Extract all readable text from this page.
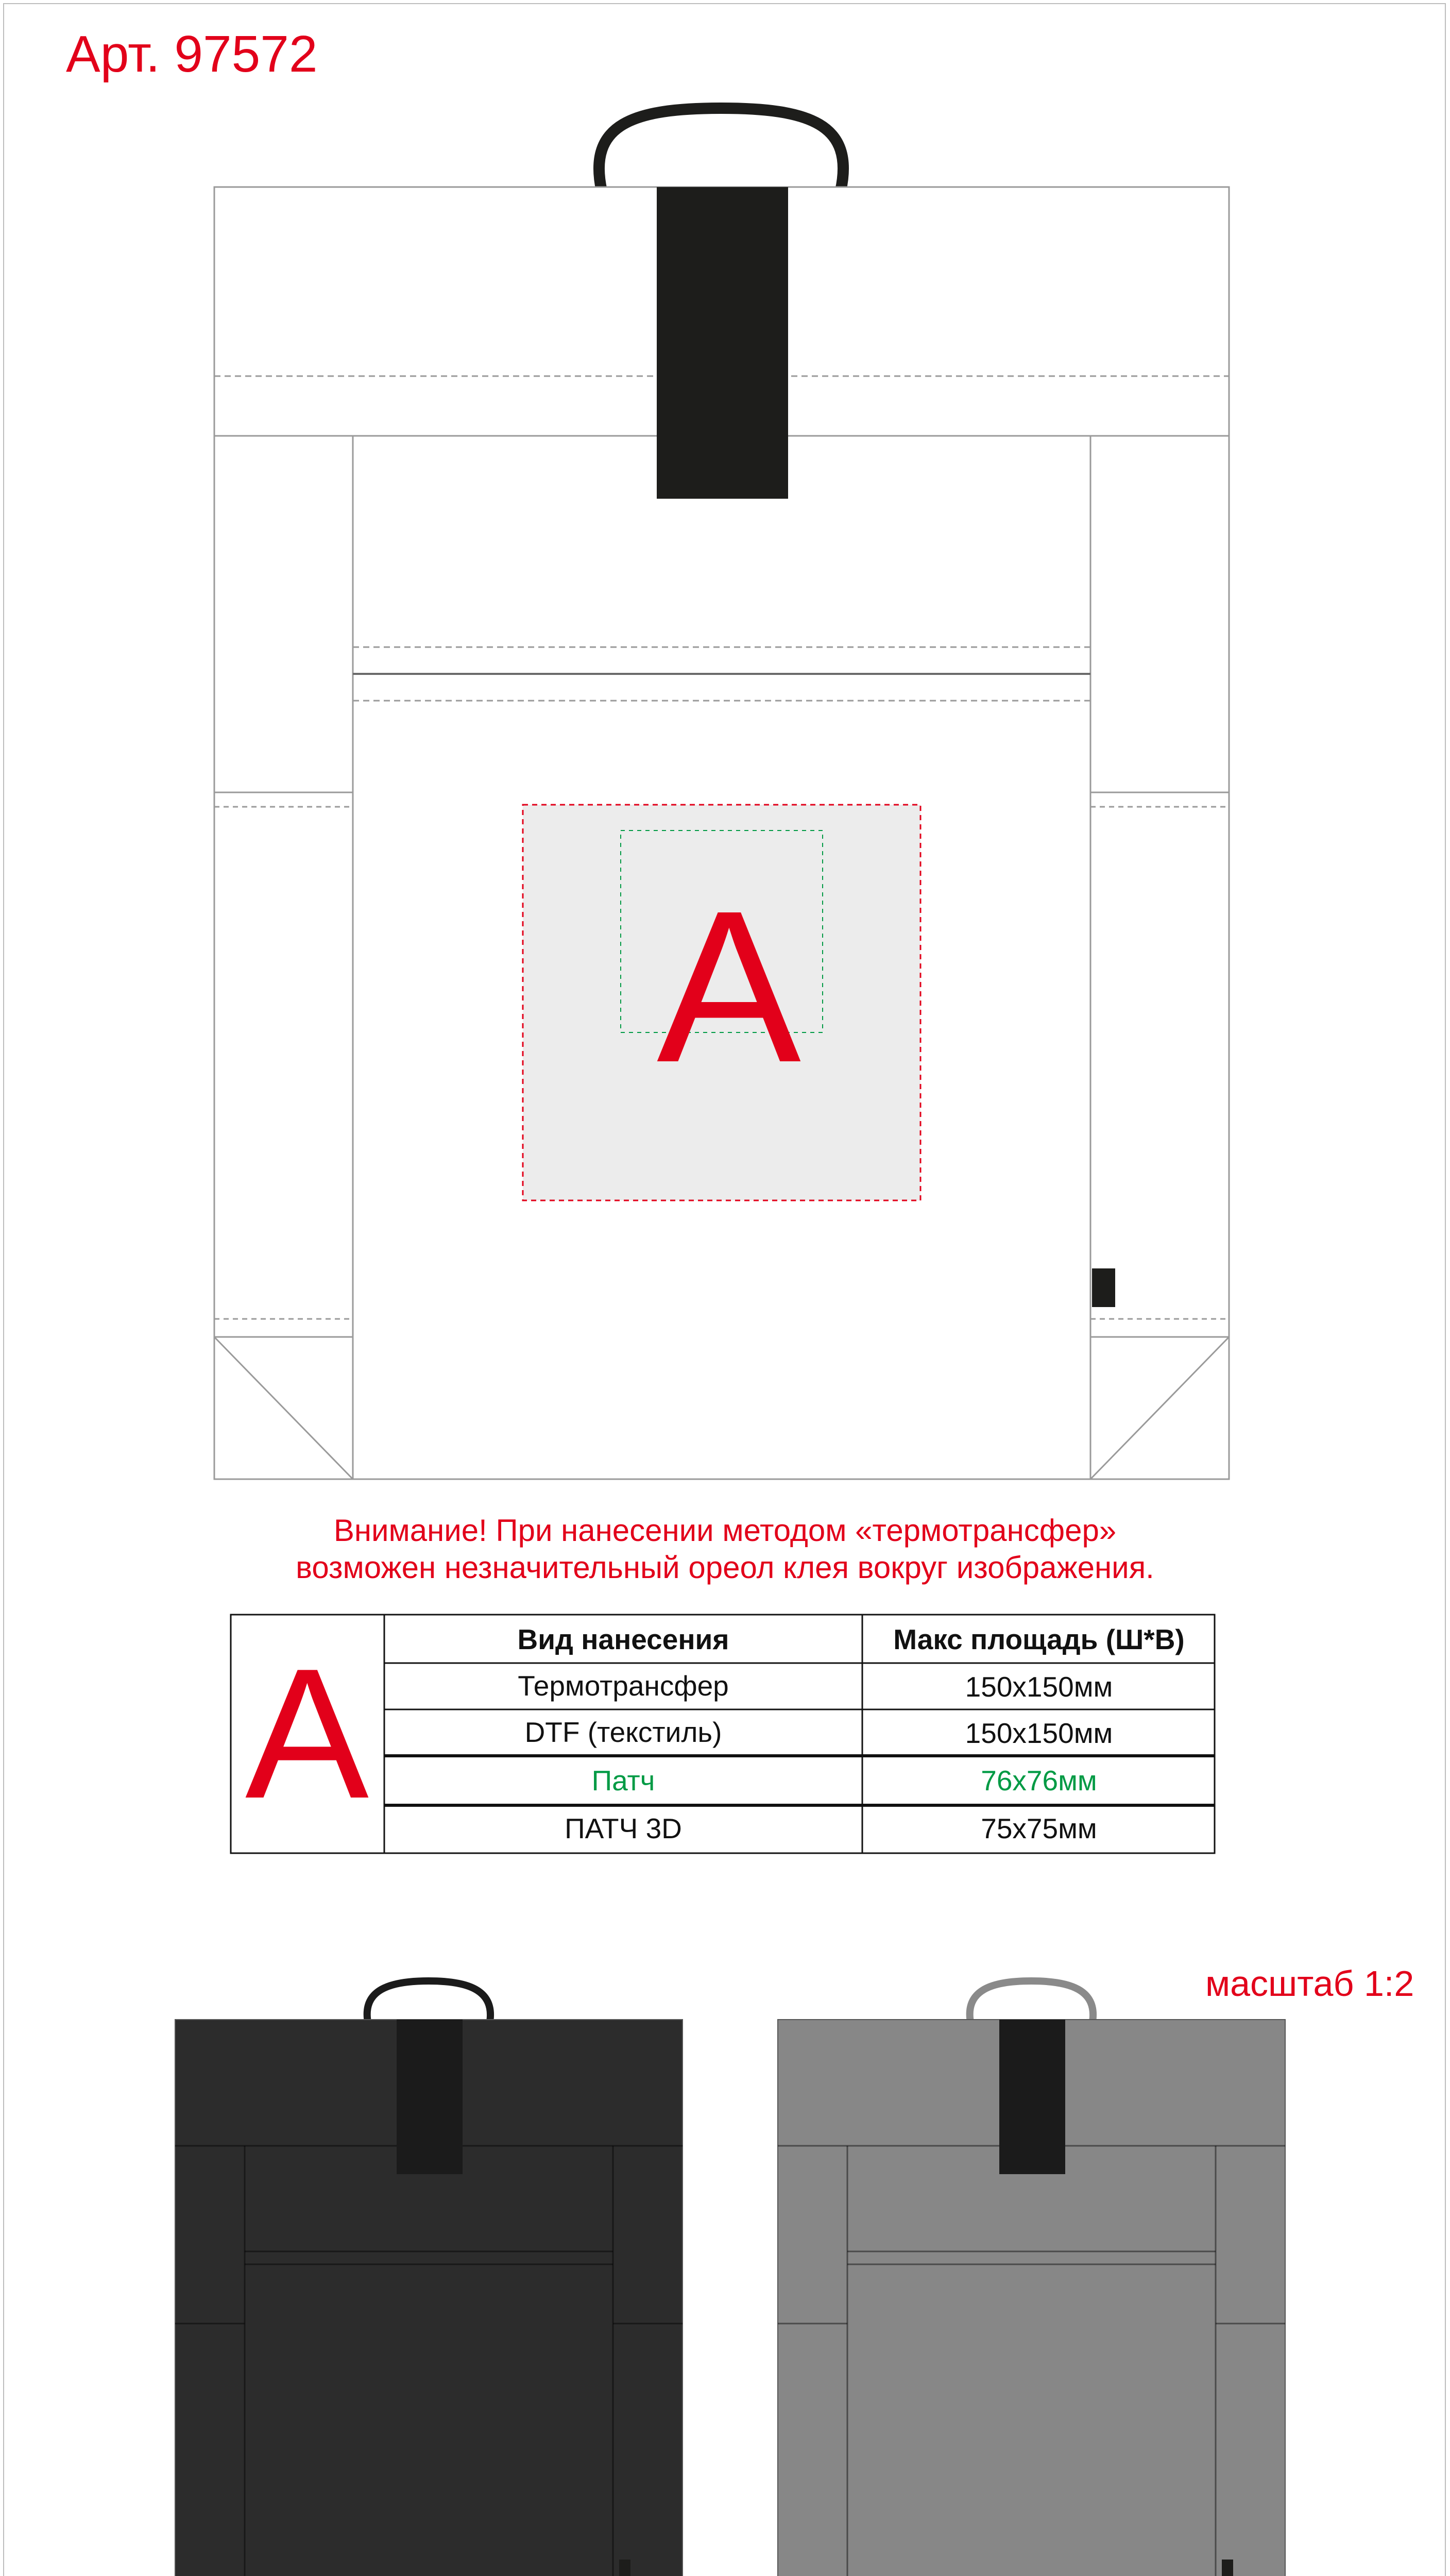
Арт. 97572
A
Внимание! При нанесении методом «термотрансфер»
возможен незначительный ореол клея вокруг изображения.
A	Вид нанесения	Макс площадь (Ш*В)
Термотрансфер	150x150мм
DTF (текстиль)	150x150мм
Патч	76x76мм
ПАТЧ 3D	75x75мм
масштаб 1:2
